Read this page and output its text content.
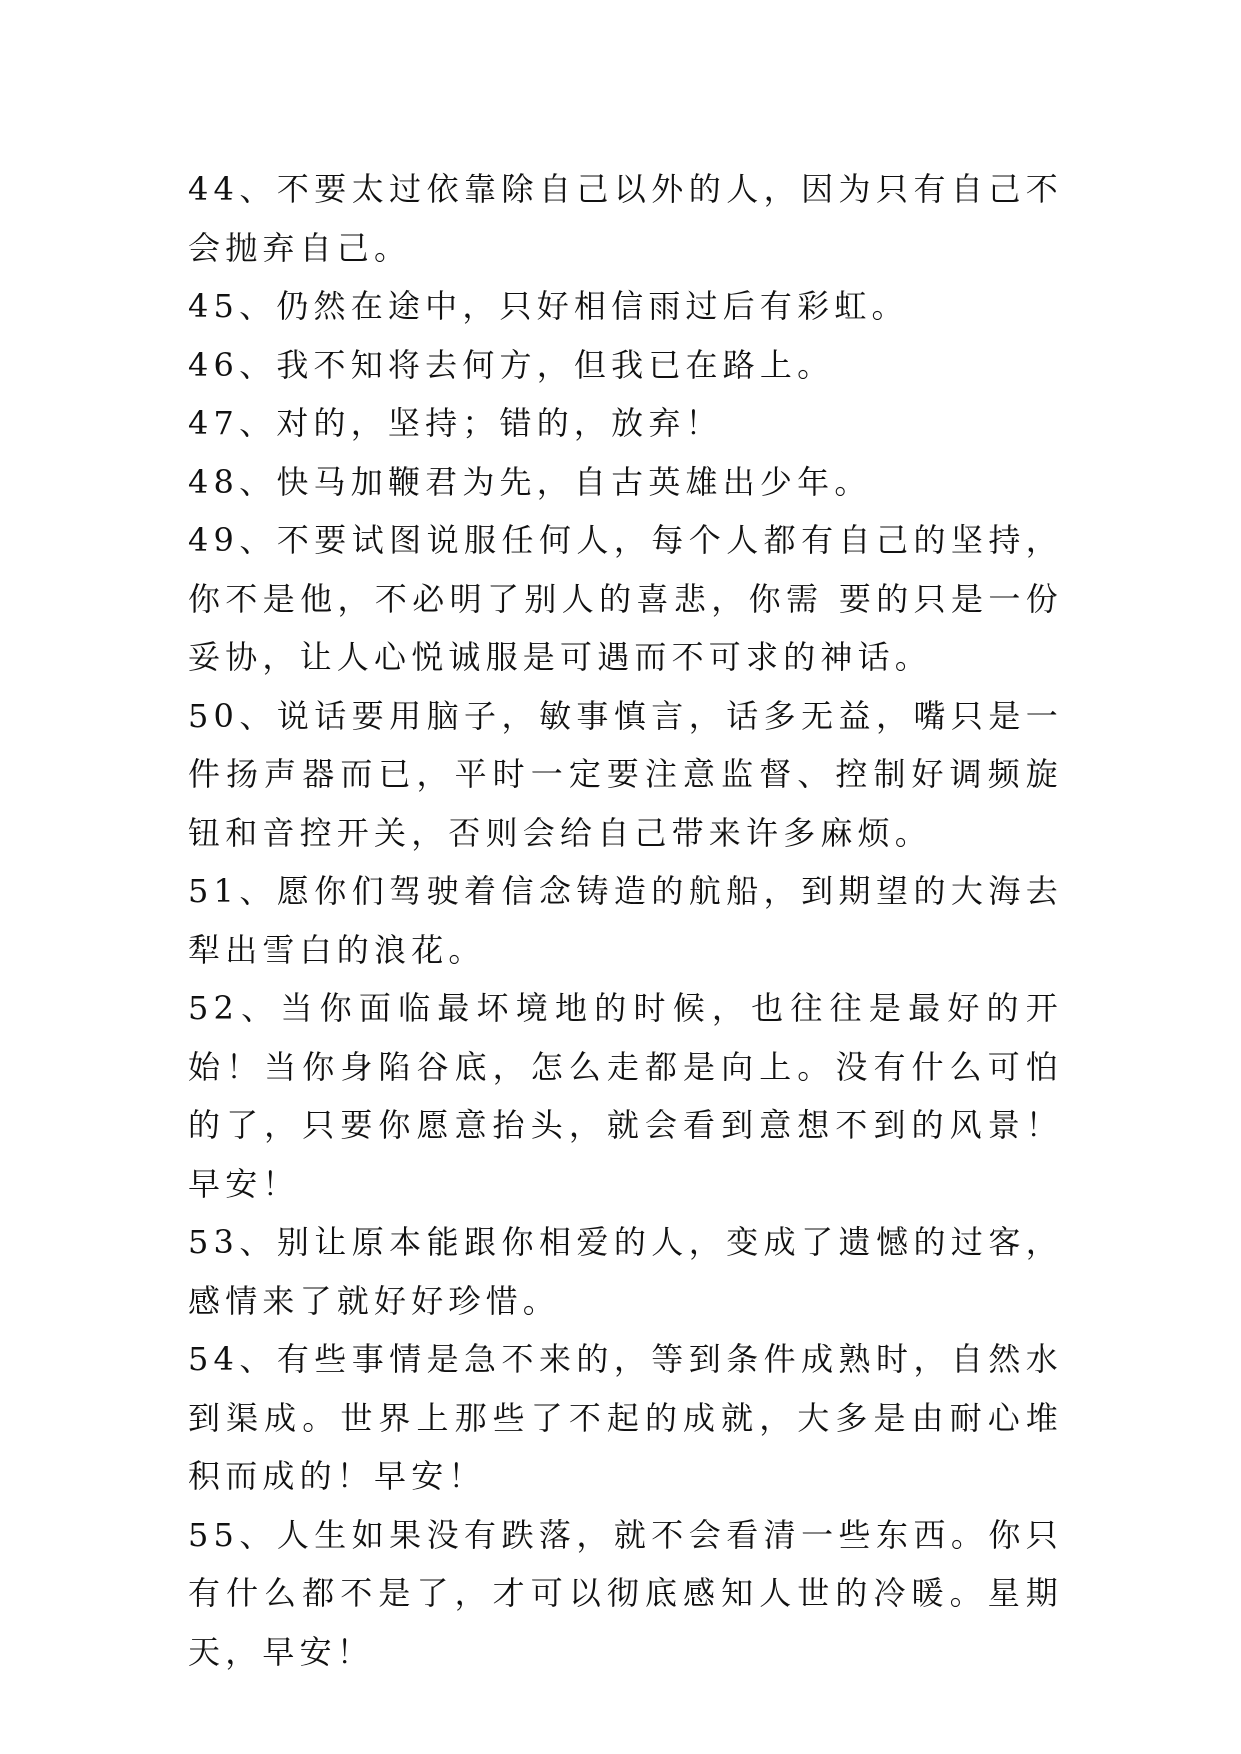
44、不要太过依靠除自己以外的人，因为只有自己不会抛弃自己。

45、仍然在途中，只好相信雨过后有彩虹。

46、我不知将去何方，但我已在路上。

47、对的，坚持；错的，放弃！

48、快马加鞭君为先，自古英雄出少年。

49、不要试图说服任何人，每个人都有自己的坚持，你不是他，不必明了别人的喜悲，你需 要的只是一份妥协，让人心悦诚服是可遇而不可求的神话。

50、说话要用脑子，敏事慎言，话多无益，嘴只是一件扬声器而已，平时一定要注意监督、控制好调频旋钮和音控开关，否则会给自己带来许多麻烦。

51、愿你们驾驶着信念铸造的航船，到期望的大海去犁出雪白的浪花。

52、当你面临最坏境地的时候，也往往是最好的开始！当你身陷谷底，怎么走都是向上。没有什么可怕的了，只要你愿意抬头，就会看到意想不到的风景！早安！

53、别让原本能跟你相爱的人，变成了遗憾的过客，感情来了就好好珍惜。

54、有些事情是急不来的，等到条件成熟时，自然水到渠成。世界上那些了不起的成就，大多是由耐心堆积而成的！早安！

55、人生如果没有跌落，就不会看清一些东西。你只有什么都不是了，才可以彻底感知人世的冷暖。星期天，早安！
